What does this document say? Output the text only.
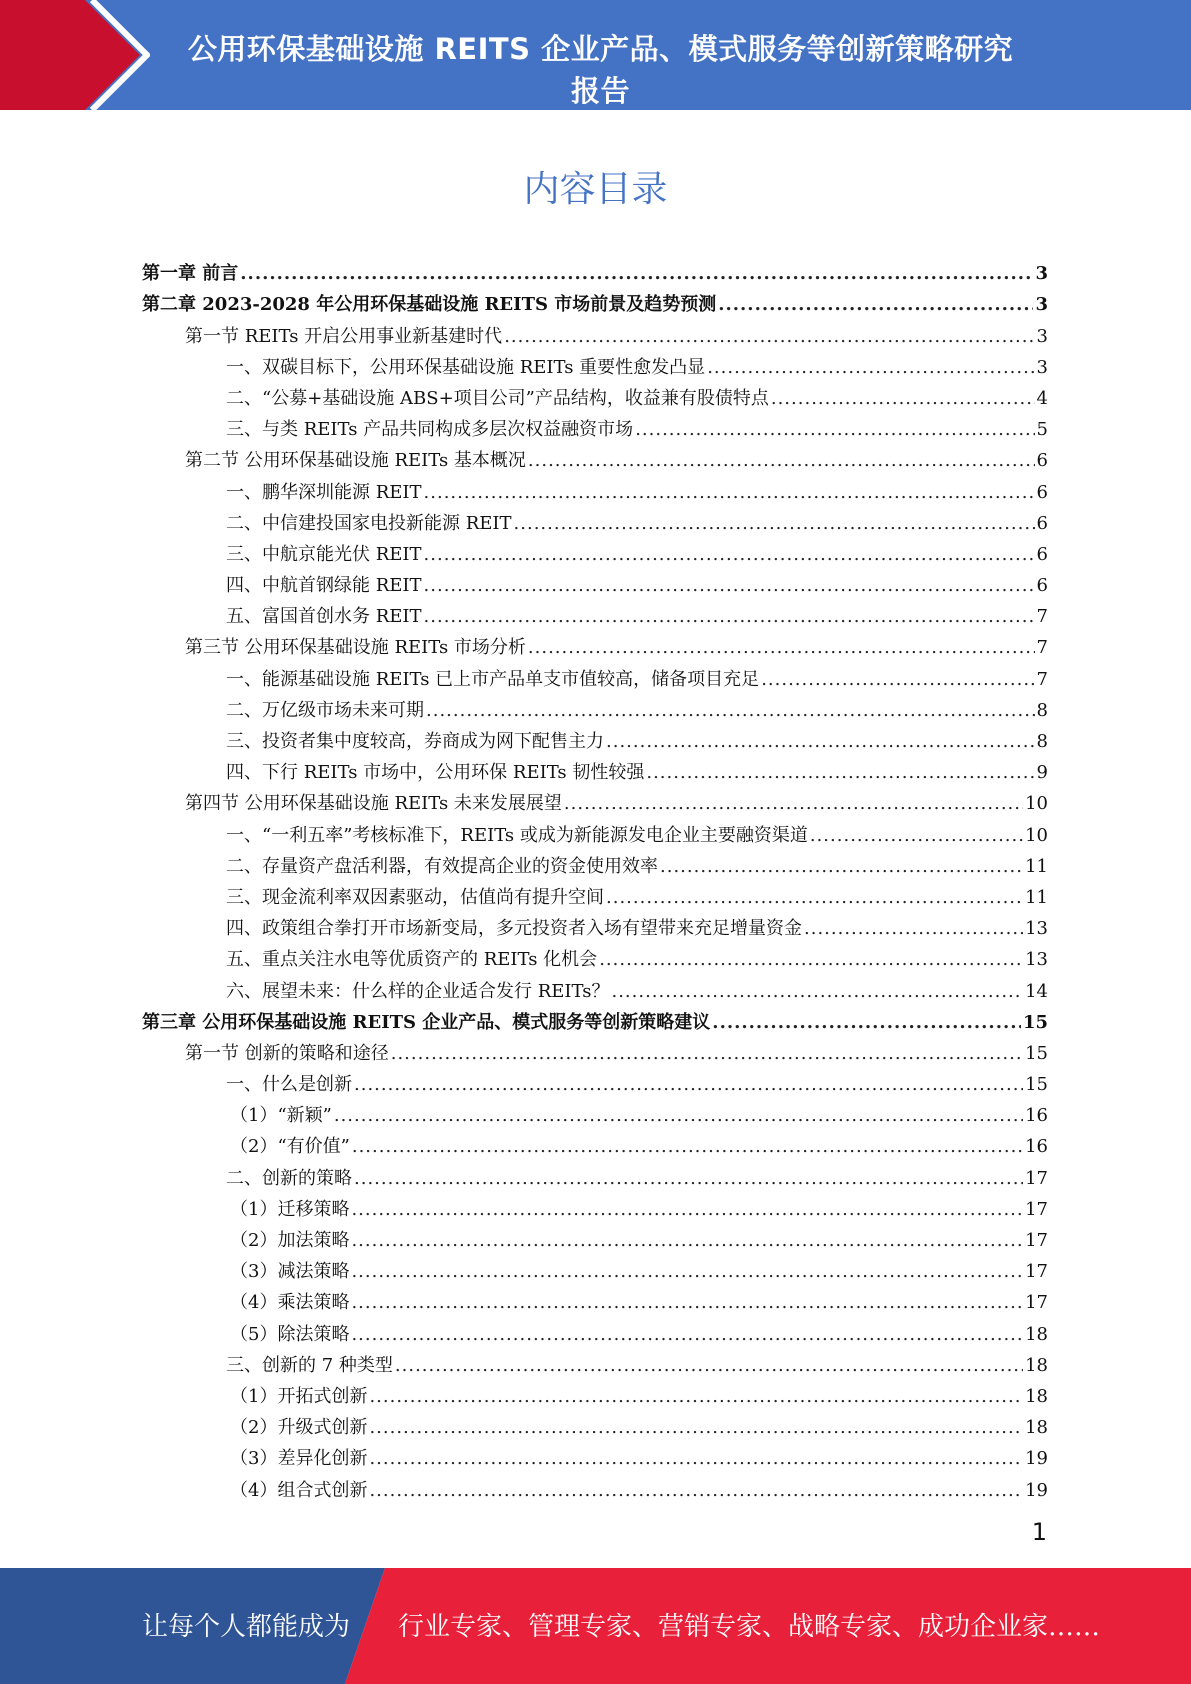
公用环保基础设施 REITS 企业产品、模式服务等创新策略研究
报告
内容目录
第一章 前言 .....	3
第二章 2023-2028 年公用环保基础设施 REITS 市场前景及趋势预测 .....	3
第一节 REITs 开启公用事业新基建时代 .....	3
一、双碳目标下，公用环保基础设施 REITs 重要性愈发凸显 .....	3
二、“公募+基础设施 ABS+项目公司”产品结构，收益兼有股债特点 .....	4
三、与类 REITs 产品共同构成多层次权益融资市场 .....	5
第二节 公用环保基础设施 REITs 基本概况 .....	6
一、鹏华深圳能源 REIT .....	6
二、中信建投国家电投新能源 REIT .....	6
三、中航京能光伏 REIT .....	6
四、中航首钢绿能 REIT .....	6
五、富国首创水务 REIT .....	7
第三节 公用环保基础设施 REITs 市场分析 .....	7
一、能源基础设施 REITs 已上市产品单支市值较高，储备项目充足 .....	7
二、万亿级市场未来可期 .....	8
三、投资者集中度较高，券商成为网下配售主力 .....	8
四、下行 REITs 市场中，公用环保 REITs 韧性较强 .....	9
第四节 公用环保基础设施 REITs 未来发展展望 .....	10
一、“一利五率”考核标准下，REITs 或成为新能源发电企业主要融资渠道 .....	10
二、存量资产盘活利器，有效提高企业的资金使用效率 .....	11
三、现金流利率双因素驱动，估值尚有提升空间 .....	11
四、政策组合拳打开市场新变局，多元投资者入场有望带来充足增量资金 .....	13
五、重点关注水电等优质资产的 REITs 化机会 .....	13
六、展望未来：什么样的企业适合发行 REITs？ .....	14
第三章 公用环保基础设施 REITS 企业产品、模式服务等创新策略建议 .....	15
第一节 创新的策略和途径 .....	15
一、什么是创新 .....	15
（1）“新颖” .....	16
（2）“有价值” .....	16
二、创新的策略 .....	17
（1）迁移策略 .....	17
（2）加法策略 .....	17
（3）减法策略 .....	17
（4）乘法策略 .....	17
（5）除法策略 .....	18
三、创新的 7 种类型 .....	18
（1）开拓式创新 .....	18
（2）升级式创新 .....	18
（3）差异化创新 .....	19
（4）组合式创新 .....	19
1
让每个人都能成为 行业专家、管理专家、营销专家、战略专家、成功企业家……
